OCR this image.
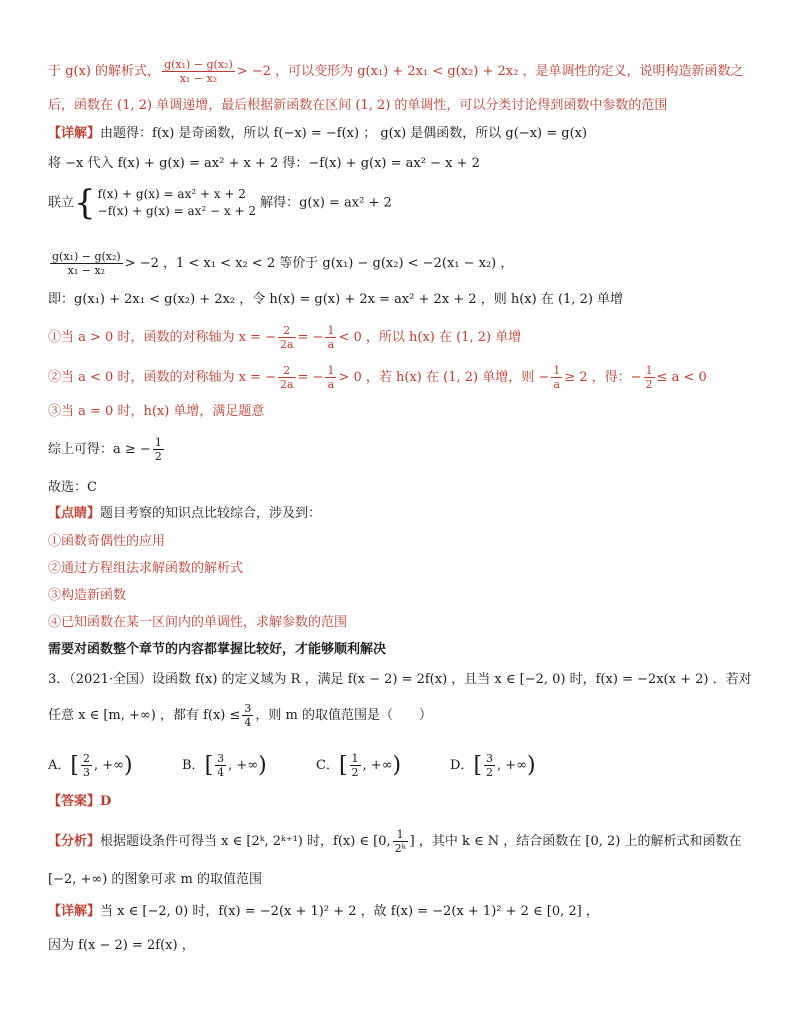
于 g(x) 的解析式， $\frac{\text{g(x₁) − g(x₂)}}{\text{x₁ − x₂}} > -2$ ，可以变形为 g(x₁) + 2x₁ < g(x₂) + 2x₂ ，是单调性的定义，说明构造新函数之
后，函数在 (1, 2) 单调递增，最后根据新函数在区间 (1, 2) 的单调性，可以分类讨论得到函数中参数的范围
【详解】由题得：f(x) 是奇函数，所以 f(−x) = −f(x) ； g(x) 是偶函数，所以 g(−x) = g(x)
将 −x 代入 f(x) + g(x) = ax² + x + 2 得：−f(x) + g(x) = ax² − x + 2
联立{ f(x) + g(x) = ax² + x + 2
−f(x) + g(x) = ax² − x + 2
解得：g(x) = ax² + 2
$\frac{\text{g(x₁) − g(x₂)}}{\text{x₁ − x₂}} > -2$ ，1 < x₁ < x₂ < 2 等价于 g(x₁) − g(x₂) < −2(x₁ − x₂) ，
即：g(x₁) + 2x₁ < g(x₂) + 2x₂ ，令 h(x) = g(x) + 2x = ax² + 2x + 2 ，则 h(x) 在 (1, 2) 单增
①当 a > 0 时，函数的对称轴为 x = − $\frac{2}{2a}$ = − $\frac{1}{a} < 0$ ，所以 h(x) 在 (1, 2) 单增
②当 a < 0 时，函数的对称轴为 x = − $\frac{2}{2a}$ = − $\frac{1}{a} > 0$ ，若 h(x) 在 (1, 2) 单增，则 − $\frac{1}{a} \ge 2$ ，得：− $\frac{1}{2} \le a < 0$
③当 a = 0 时，h(x) 单增，满足题意
综上可得：a ≥ − $\frac{1}{2}$
故选：C
【点睛】题目考察的知识点比较综合，涉及到：
①函数奇偶性的应用
②通过方程组法求解函数的解析式
③构造新函数
④已知函数在某一区间内的单调性，求解参数的范围
需要对函数整个章节的内容都掌握比较好，才能够顺利解决
3．（2021·全国）设函数 f(x) 的定义域为 R ，满足 f(x − 2) = 2f(x) ，且当 x ∈ [−2, 0) 时，f(x) = −2x(x + 2) ．若对
任意 x ∈ [m, +∞) ，都有 $f(x) \le \frac{3}{4}$ ，则 m 的取值范围是（　　）
A．[ $\frac{2}{3}$ , +∞)	B．[ $\frac{3}{4}$ , +∞)	C．[ $\frac{1}{2}$ , +∞)	D．[ $\frac{3}{2}$ , +∞)
【答案】D
【分析】根据题设条件可得当 x ∈ [2ᵏ, 2ᵏ⁺¹) 时，f(x) ∈ [0, $\frac{1}{\text{2ᵏ}}$ ] ，其中 k ∈ N ，结合函数在 [0, 2) 上的解析式和函数在
[−2, +∞) 的图象可求 m 的取值范围
【详解】当 x ∈ [−2, 0) 时，f(x) = −2(x + 1)² + 2 ，故 f(x) = −2(x + 1)² + 2 ∈ [0, 2] ，
因为 f(x − 2) = 2f(x) ，
